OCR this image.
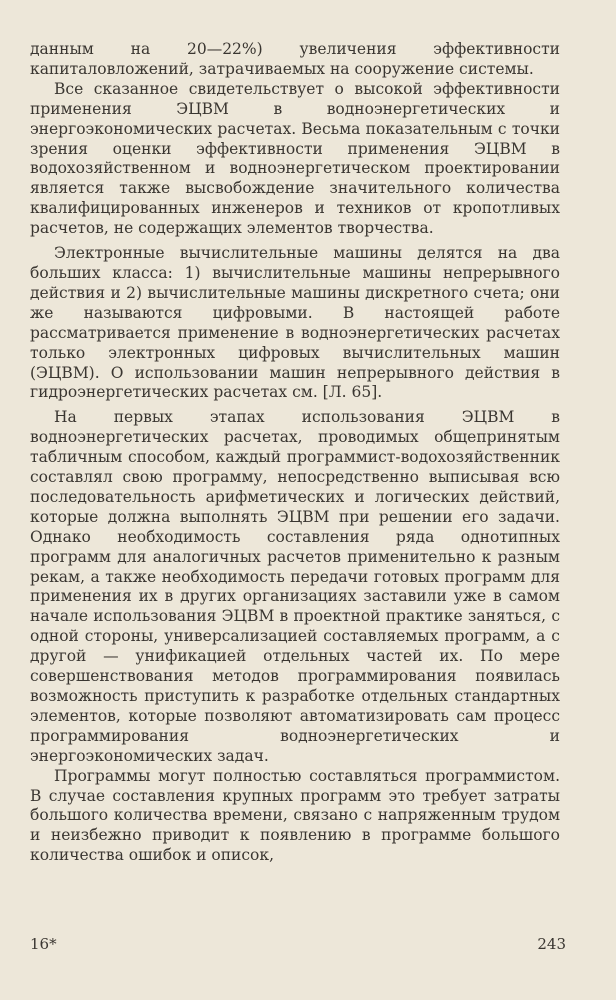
данным на 20—22%) увеличения эффективности капиталовложений, затрачиваемых на сооружение системы.

Все сказанное свидетельствует о высокой эффективности применения ЭЦВМ в водноэнергетических и энергоэкономических расчетах. Весьма показательным с точки зрения оценки эффективности применения ЭЦВМ в водохозяйственном и водноэнергетическом проектировании является также высвобождение значительного количества квалифицированных инженеров и техников от кропотливых расчетов, не содержащих элементов творчества.

Электронные вычислительные машины делятся на два больших класса: 1) вычислительные машины непрерывного действия и 2) вычислительные машины дискретного счета; они же называются цифровыми. В настоящей работе рассматривается применение в водноэнергетических расчетах только электронных цифровых вычислительных машин (ЭЦВМ). О использовании машин непрерывного действия в гидроэнергетических расчетах см. [Л. 65].

На первых этапах использования ЭЦВМ в водноэнергетических расчетах, проводимых общепринятым табличным способом, каждый программист-водохозяйственник составлял свою программу, непосредственно выписывая всю последовательность арифметических и логических действий, которые должна выполнять ЭЦВМ при решении его задачи. Однако необходимость составления ряда однотипных программ для аналогичных расчетов применительно к разным рекам, а также необходимость передачи готовых программ для применения их в других организациях заставили уже в самом начале использования ЭЦВМ в проектной практике заняться, с одной стороны, универсализацией составляемых программ, а с другой — унификацией отдельных частей их. По мере совершенствования методов программирования появилась возможность приступить к разработке отдельных стандартных элементов, которые позволяют автоматизировать сам процесс программирования водноэнергетических и энергоэкономических задач.

Программы могут полностью составляться программистом. В случае составления крупных программ это требует затраты большого количества времени, связано с напряженным трудом и неизбежно приводит к появлению в программе большого количества ошибок и описок,

16*	243
